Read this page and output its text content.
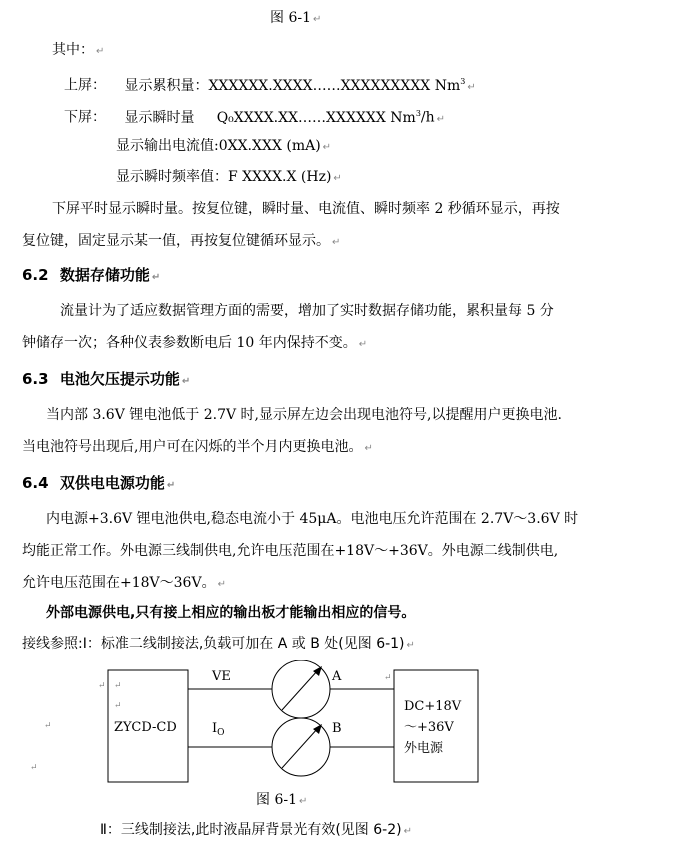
图 6-1 ↵
其中： ↵
上屏： 显示累积量：XXXXXX.XXXX……XXXXXXXXX Nm$^3$↵
下屏： 显示瞬时量     Q₀XXXX.XX……XXXXXX Nm$^3$/h ↵
显示输出电流值:0XX.XXX (mA) ↵
显示瞬时频率值：F XXXX.X (Hz) ↵
下屏平时显示瞬时量。按复位键，瞬时量、电流值、瞬时频率 2 秒循环显示，再按
复位键，固定显示某一值，再按复位键循环显示。 ↵
6.2 数据存储功能 ↵
流量计为了适应数据管理方面的需要，增加了实时数据存储功能，累积量每 5 分
钟储存一次；各种仪表参数断电后 10 年内保持不变。 ↵
6.3 电池欠压提示功能 ↵
当内部 3.6V 锂电池低于 2.7V 时,显示屏左边会出现电池符号,以提醒用户更换电池.
当电池符号出现后,用户可在闪烁的半个月内更换电池。 ↵
6.4 双供电电源功能 ↵
内电源+3.6V 锂电池供电,稳态电流小于 45μA。电池电压允许范围在 2.7V～3.6V 时
均能正常工作。外电源三线制供电,允许电压范围在+18V～+36V。外电源二线制供电,
允许电压范围在+18V～36V。 ↵
外部电源供电,只有接上相应的输出板才能输出相应的信号。
接线参照:Ⅰ：标准二线制接法,负载可加在 A 或 B 处(见图 6-1) ↵
ZYCD-CD
DC+18V
～+36V
外电源
VE
$I_O$
A
B
↵ ↵
↵
↵
↵
↵
图 6-1 ↵
Ⅱ：三线制接法,此时液晶屏背景光有效(见图 6-2) ↵
